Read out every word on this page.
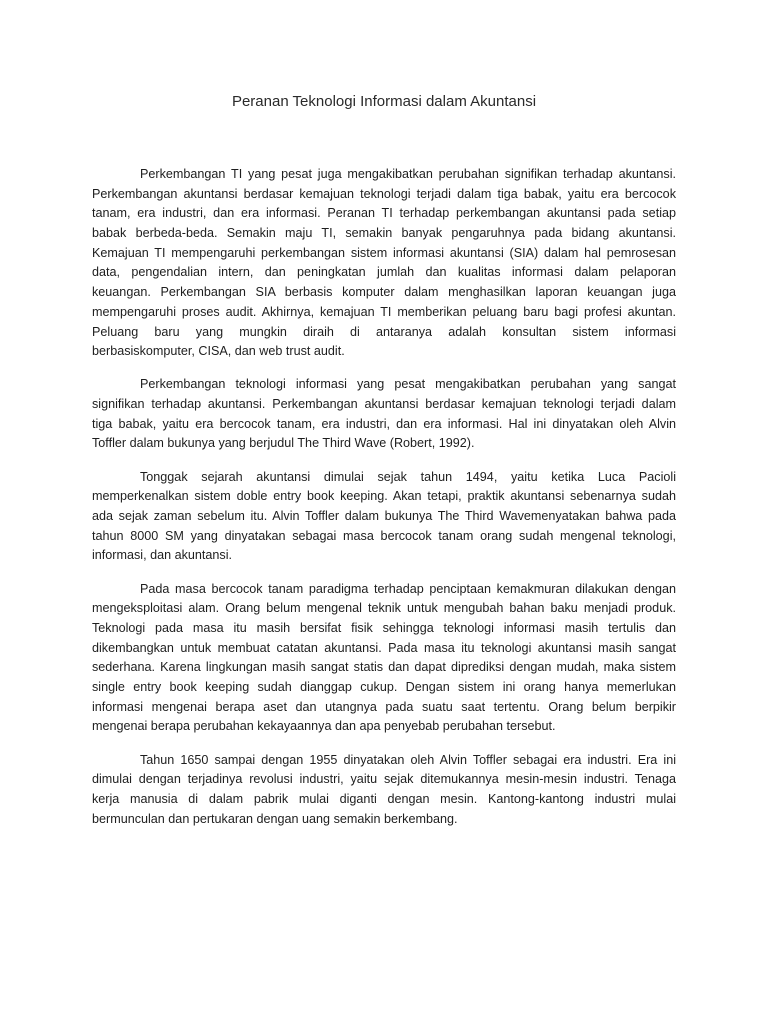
Peranan Teknologi Informasi dalam Akuntansi
Perkembangan TI yang pesat juga mengakibatkan perubahan signifikan terhadap akuntansi.
Perkembangan akuntansi berdasar kemajuan teknologi terjadi dalam tiga babak, yaitu era bercocok
tanam, era industri, dan era informasi. Peranan TI terhadap perkembangan akuntansi pada setiap
babak berbeda-beda. Semakin maju TI, semakin banyak pengaruhnya pada bidang akuntansi.
Kemajuan TI mempengaruhi perkembangan sistem informasi akuntansi (SIA) dalam hal pemrosesan
data, pengendalian intern, dan peningkatan jumlah dan kualitas informasi dalam pelaporan
keuangan. Perkembangan SIA berbasis komputer dalam menghasilkan laporan keuangan juga
mempengaruhi proses audit. Akhirnya, kemajuan TI memberikan peluang baru bagi profesi akuntan.
Peluang baru yang mungkin diraih di antaranya adalah konsultan sistem informasi
berbasiskomputer, CISA, dan web trust audit.
Perkembangan teknologi informasi yang pesat mengakibatkan perubahan yang sangat
signifikan terhadap akuntansi. Perkembangan akuntansi berdasar kemajuan teknologi terjadi dalam
tiga babak, yaitu era bercocok tanam, era industri, dan era informasi. Hal ini dinyatakan oleh Alvin
Toffler dalam bukunya yang berjudul The Third Wave (Robert, 1992).
Tonggak sejarah akuntansi dimulai sejak tahun 1494, yaitu ketika Luca Pacioli
memperkenalkan sistem doble entry book keeping. Akan tetapi, praktik akuntansi sebenarnya sudah
ada sejak zaman sebelum itu. Alvin Toffler dalam bukunya The Third Wavemenyatakan bahwa pada
tahun 8000 SM yang dinyatakan sebagai masa bercocok tanam orang sudah mengenal teknologi,
informasi, dan akuntansi.
Pada masa bercocok tanam paradigma terhadap penciptaan kemakmuran dilakukan dengan
mengeksploitasi alam. Orang belum mengenal teknik untuk mengubah bahan baku menjadi produk.
Teknologi pada masa itu masih bersifat fisik sehingga teknologi informasi masih tertulis dan
dikembangkan untuk membuat catatan akuntansi. Pada masa itu teknologi akuntansi masih sangat
sederhana. Karena lingkungan masih sangat statis dan dapat diprediksi dengan mudah, maka sistem
single entry book keeping sudah dianggap cukup. Dengan sistem ini orang hanya memerlukan
informasi mengenai berapa aset dan utangnya pada suatu saat tertentu. Orang belum berpikir
mengenai berapa perubahan kekayaannya dan apa penyebab perubahan tersebut.
Tahun 1650 sampai dengan 1955 dinyatakan oleh Alvin Toffler sebagai era industri. Era ini
dimulai dengan terjadinya revolusi industri, yaitu sejak ditemukannya mesin-mesin industri. Tenaga
kerja manusia di dalam pabrik mulai diganti dengan mesin. Kantong-kantong industri mulai
bermunculan dan pertukaran dengan uang semakin berkembang.
